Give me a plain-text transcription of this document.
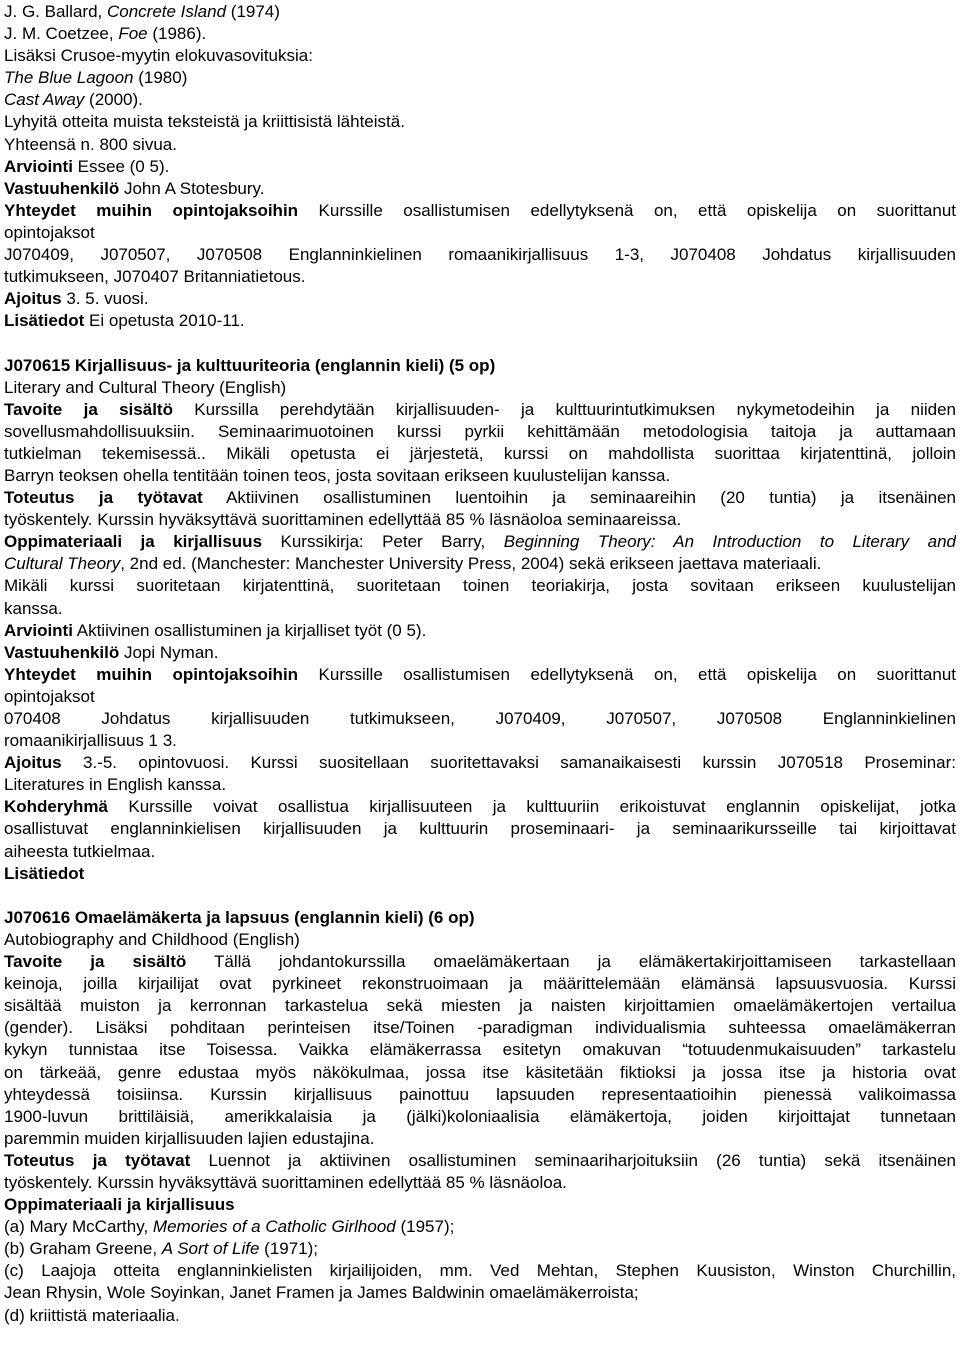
J. G. Ballard, Concrete Island (1974)
J. M. Coetzee, Foe (1986).
Lisäksi Crusoe-myytin elokuvasovituksia:
The Blue Lagoon (1980)
Cast Away (2000).
Lyhyitä otteita muista teksteistä ja kriittisistä lähteistä.
Yhteensä n. 800 sivua.
Arviointi Essee (0 5).
Vastuuhenkilö John A Stotesbury.
Yhteydet muihin opintojaksoihin Kurssille osallistumisen edellytyksenä on, että opiskelija on suorittanut
opintojaksot
J070409, J070507, J070508 Englanninkielinen romaanikirjallisuus 1-3, J070408 Johdatus kirjallisuuden
tutkimukseen, J070407 Britanniatietous.
Ajoitus 3. 5. vuosi.
Lisätiedot Ei opetusta 2010-11.
J070615 Kirjallisuus- ja kulttuuriteoria (englannin kieli) (5 op)
Literary and Cultural Theory (English)
Tavoite ja sisältö Kurssilla perehdytään kirjallisuuden- ja kulttuurintutkimuksen nykymetodeihin ja niiden
sovellusmahdollisuuksiin. Seminaarimuotoinen kurssi pyrkii kehittämään metodologisia taitoja ja auttamaan
tutkielman tekemisessä.. Mikäli opetusta ei järjestetä, kurssi on mahdollista suorittaa kirjatenttinä, jolloin
Barryn teoksen ohella tentitään toinen teos, josta sovitaan erikseen kuulustelijan kanssa.
Toteutus ja työtavat Aktiivinen osallistuminen luentoihin ja seminaareihin (20 tuntia) ja itsenäinen
työskentely. Kurssin hyväksyttävä suorittaminen edellyttää 85 % läsnäoloa seminaareissa.
Oppimateriaali ja kirjallisuus Kurssikirja: Peter Barry, Beginning Theory: An Introduction to Literary and
Cultural Theory, 2nd ed. (Manchester: Manchester University Press, 2004) sekä erikseen jaettava materiaali.
Mikäli kurssi suoritetaan kirjatenttinä, suoritetaan toinen teoriakirja, josta sovitaan erikseen kuulustelijan
kanssa.
Arviointi Aktiivinen osallistuminen ja kirjalliset työt (0 5).
Vastuuhenkilö Jopi Nyman.
Yhteydet muihin opintojaksoihin Kurssille osallistumisen edellytyksenä on, että opiskelija on suorittanut
opintojaksot
070408 Johdatus kirjallisuuden tutkimukseen, J070409, J070507, J070508 Englanninkielinen
romaanikirjallisuus 1 3.
Ajoitus 3.-5. opintovuosi. Kurssi suositellaan suoritettavaksi samanaikaisesti kurssin J070518 Proseminar:
Literatures in English kanssa.
Kohderyhmä Kurssille voivat osallistua kirjallisuuteen ja kulttuuriin erikoistuvat englannin opiskelijat, jotka
osallistuvat englanninkielisen kirjallisuuden ja kulttuurin proseminaari- ja seminaarikursseille tai kirjoittavat
aiheesta tutkielmaa.
Lisätiedot
J070616 Omaelämäkerta ja lapsuus (englannin kieli) (6 op)
Autobiography and Childhood (English)
Tavoite ja sisältö Tällä johdantokurssilla omaelämäkertaan ja elämäkertakirjoittamiseen tarkastellaan
keinoja, joilla kirjailijat ovat pyrkineet rekonstruoimaan ja määrittelemään elämänsä lapsuusvuosia. Kurssi
sisältää muiston ja kerronnan tarkastelua sekä miesten ja naisten kirjoittamien omaelämäkertojen vertailua
(gender). Lisäksi pohditaan perinteisen itse/Toinen -paradigman individualismia suhteessa omaelämäkerran
kykyn tunnistaa itse Toisessa. Vaikka elämäkerrassa esitetyn omakuvan “totuudenmukaisuuden” tarkastelu
on tärkeää, genre edustaa myös näkökulmaa, jossa itse käsitetään fiktioksi ja jossa itse ja historia ovat
yhteydessä toisiinsa. Kurssin kirjallisuus painottuu lapsuuden representaatioihin pienessä valikoimassa
1900-luvun brittiläisiä, amerikkalaisia ja (jälki)koloniaalisia elämäkertoja, joiden kirjoittajat tunnetaan
paremmin muiden kirjallisuuden lajien edustajina.
Toteutus ja työtavat Luennot ja aktiivinen osallistuminen seminaariharjoituksiin (26 tuntia) sekä itsenäinen
työskentely. Kurssin hyväksyttävä suorittaminen edellyttää 85 % läsnäoloa.
Oppimateriaali ja kirjallisuus
(a) Mary McCarthy, Memories of a Catholic Girlhood (1957);
(b) Graham Greene, A Sort of Life (1971);
(c) Laajoja otteita englanninkielisten kirjailijoiden, mm. Ved Mehtan, Stephen Kuusiston, Winston Churchillin,
Jean Rhysin, Wole Soyinkan, Janet Framen ja James Baldwinin omaelämäkerroista;
(d) kriittistä materiaalia.
